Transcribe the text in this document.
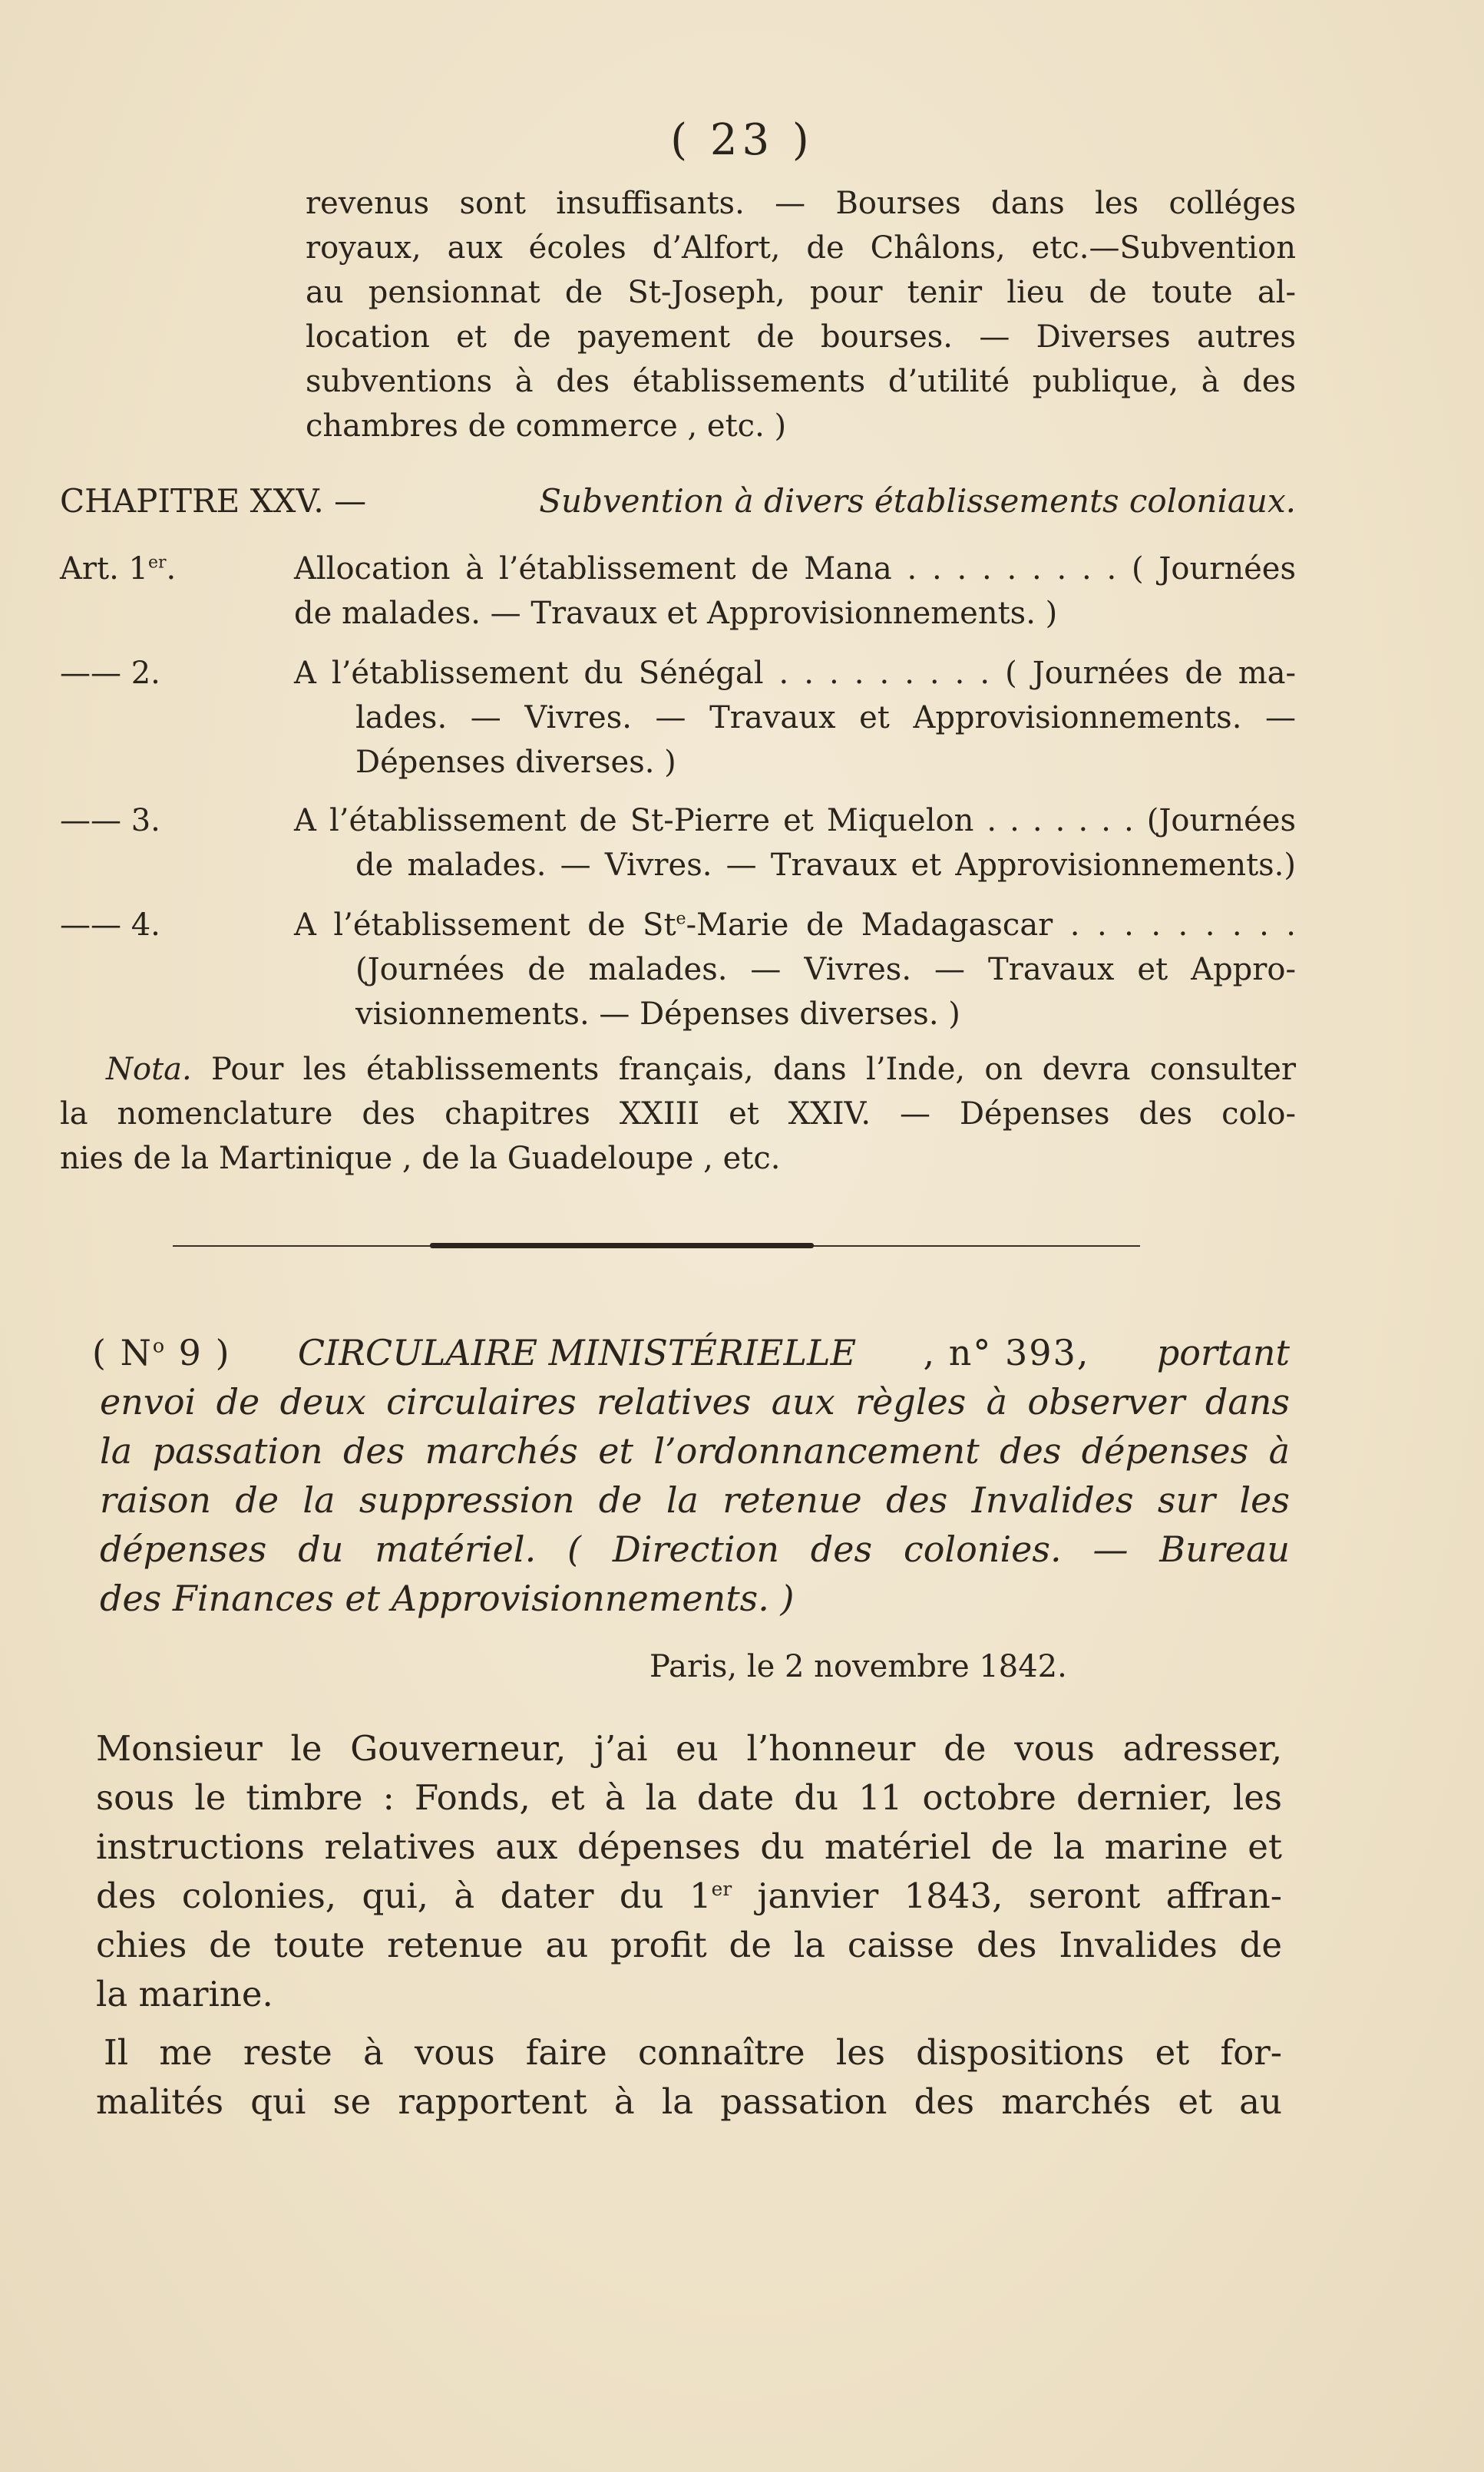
( 23 )
revenus sont insuffisants. — Bourses dans les colléges
royaux, aux écoles d’Alfort, de Châlons, etc.—Subvention
au pensionnat de St-Joseph, pour tenir lieu de toute al-
location et de payement de bourses. — Diverses autres
subventions à des établissements d’utilité publique, à des
chambres de commerce , etc. )
CHAPITRE XXV. —	Subvention à divers établissements coloniaux.
Art. 1er.	Allocation à l’établissement de Mana . . . . . . . . . ( Journées
de malades. — Travaux et Approvisionnements. )
—— 2.	A l’établissement du Sénégal . . . . . . . . . ( Journées de ma-
lades. — Vivres. — Travaux et Approvisionnements. —
Dépenses diverses. )
—— 3.	A l’établissement de St-Pierre et Miquelon . . . . . . . (Journées
de malades. — Vivres. — Travaux et Approvisionnements.)
—— 4.	A l’établissement de St$^e$-Marie de Madagascar . . . . . . . . .
(Journées de malades. — Vivres. — Travaux et Appro-
visionnements. — Dépenses diverses. )
Nota. Pour les établissements français, dans l’Inde, on devra consulter
la nomenclature des chapitres XXIII et XXIV. — Dépenses des colo-
nies de la Martinique , de la Guadeloupe , etc.
( $N^o$ 9 ) CIRCULAIRE MINISTÉRIELLE , n° 393, portant
envoi de deux circulaires relatives aux règles à observer dans
la passation des marchés et l’ordonnancement des dépenses à
raison de la suppression de la retenue des Invalides sur les
dépenses du matériel. ( Direction des colonies. — Bureau
des Finances et Approvisionnements. )
Paris, le 2 novembre 1842.
Monsieur le Gouverneur, j’ai eu l’honneur de vous adresser,
sous le timbre : Fonds, et à la date du 11 octobre dernier, les
instructions relatives aux dépenses du matériel de la marine et
des colonies, qui, à dater du 1er janvier 1843, seront affran-
chies de toute retenue au profit de la caisse des Invalides de
la marine.
Il me reste à vous faire connaître les dispositions et for-
malités qui se rapportent à la passation des marchés et au
